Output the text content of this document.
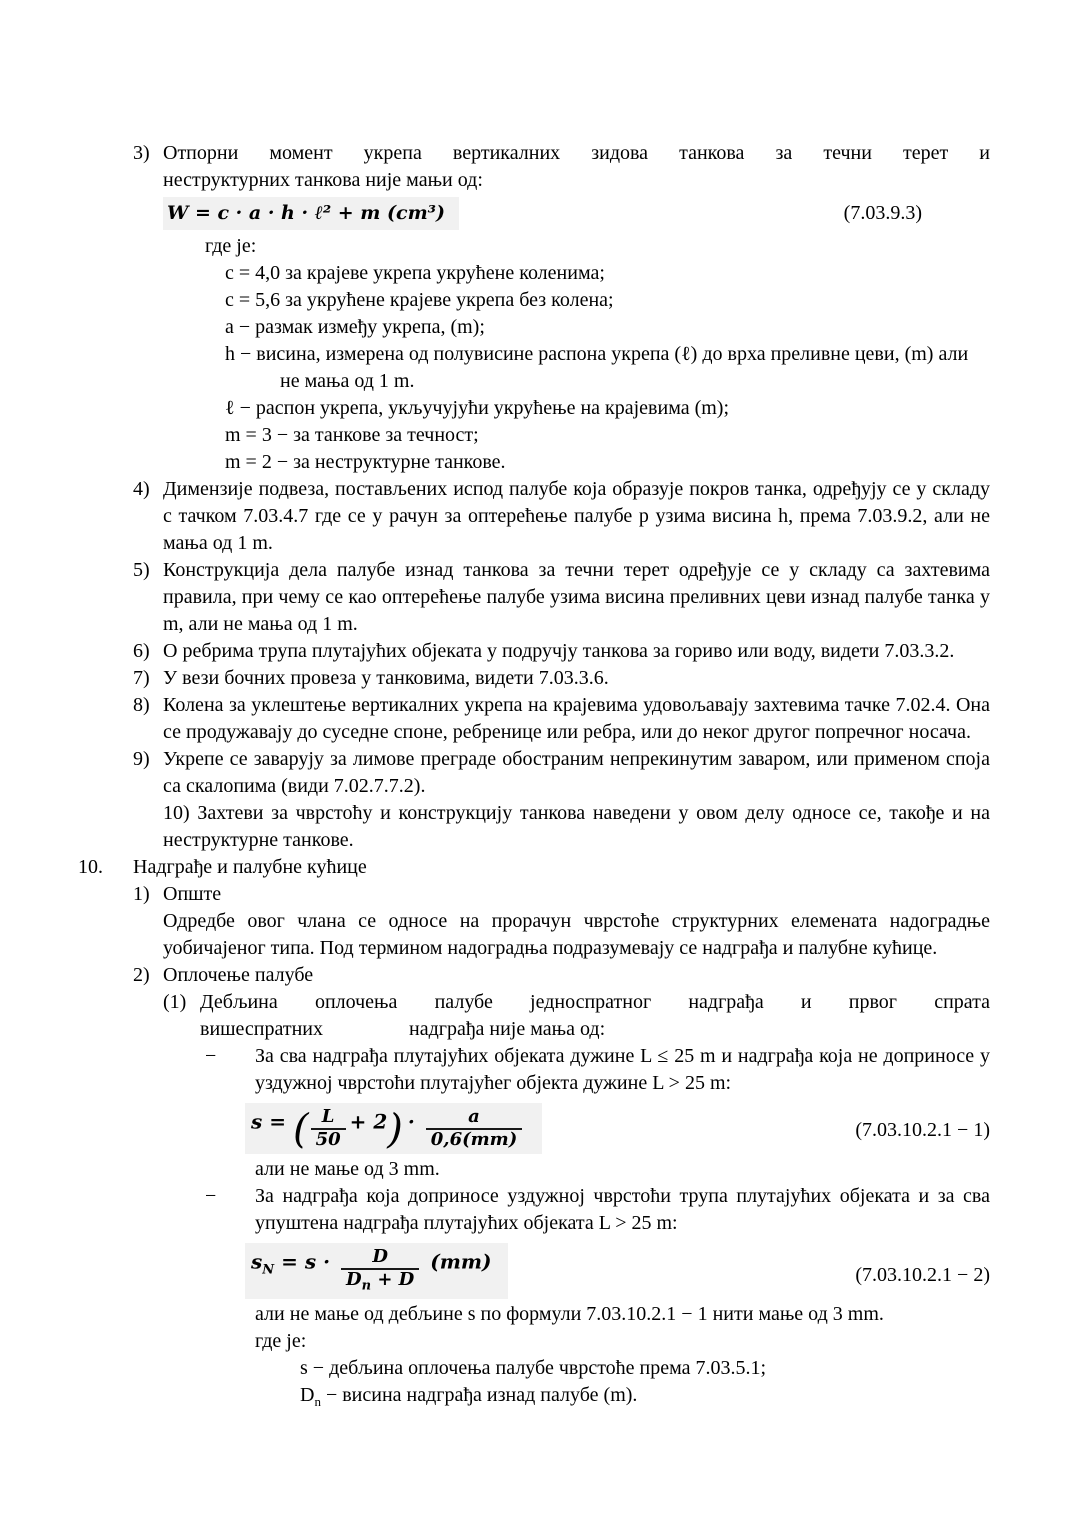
3) Отпорни момент укрепа вертикалних зидова танкова за течни терет и
неструктурних танкова није мањи од:
W = c · a · h · ℓ² + m (cm³)	(7.03.9.3)
где је:
c = 4,0 за крајеве укрепа укрућене коленима;
c = 5,6 за укрућене крајеве укрепа без колена;
a − размак између укрепа, (m);
h − висина, измерена од полувисине распона укрепа (ℓ) до врха преливне цеви, (m) али не мања од 1 m.
ℓ − распон укрепа, укључујући укрућење на крајевима (m);
m = 3 − за танкове за течност;
m = 2 − за неструктурне танкове.
4) Димензије подвеза, постављених испод палубе која образује покров танка, одређују се у складу с тачком 7.03.4.7 где се у рачун за оптерећење палубе p узима висина h, према 7.03.9.2, али не мања од 1 m.
5) Конструкција дела палубе изнад танкова за течни терет одређује се у складу са захтевима правила, при чему се као оптерећење палубе узима висина преливних цеви изнад палубе танка у m, али не мања од 1 m.
6) О ребрима трупа плутајућих објеката у подручју танкова за гориво или воду, видети 7.03.3.2.
7) У вези бочних провеза у танковима, видети 7.03.3.6.
8) Колена за уклештење вертикалних укрепа на крајевима удовољавају захтевима тачке 7.02.4. Она се продужавају до суседне споне, ребренице или ребра, или до неког другог попречног носача.
9) Укрепе се заварују за лимове преграде обостраним непрекинутим заваром, или применом споја са скалопима (види 7.02.7.7.2).
10) Захтеви за чврстоћу и конструкцију танкова наведени у овом делу односе се, такође и на неструктурне танкове.
10.	Надграђе и палубне кућице
1) Опште
Одредбе овог члана се односе на прорачун чврстоће структурних елемената надоградње уобичајеног типа. Под термином надоградња подразумевају се надграђа и палубне кућице.
2) Оплочење палубе
(1) Дебљина оплочења палубе једноспратног надграђа и првог спрата
вишеспратних	надграђа није мања од:
−	За сва надграђа плутајућих објеката дужине L ≤ 25 m и надграђа која не доприносе у уздужној чврстоћи плутајућег објекта дужине L > 25 m:
s = ( $\frac{L}{50} + 2) \cdot \frac{a}{0,6(mm)}$	(7.03.10.2.1 − 1)
али не мање од 3 mm.
−	За надграђа која доприносе уздужној чврстоћи трупа плутајућих објеката и за сва упуштена надграђа плутајућих објеката L > 25 m:
$s_N = s \cdot \frac{D}{D_n + D} (mm)$
(7.03.10.2.1 − 2)
али не мање од дебљине s по формули 7.03.10.2.1 − 1 нити мање од 3 mm.
где је:
s − дебљина оплочења палубе чврстоће према 7.03.5.1;
$D_n$ − висина надграђа изнад палубе (m).
